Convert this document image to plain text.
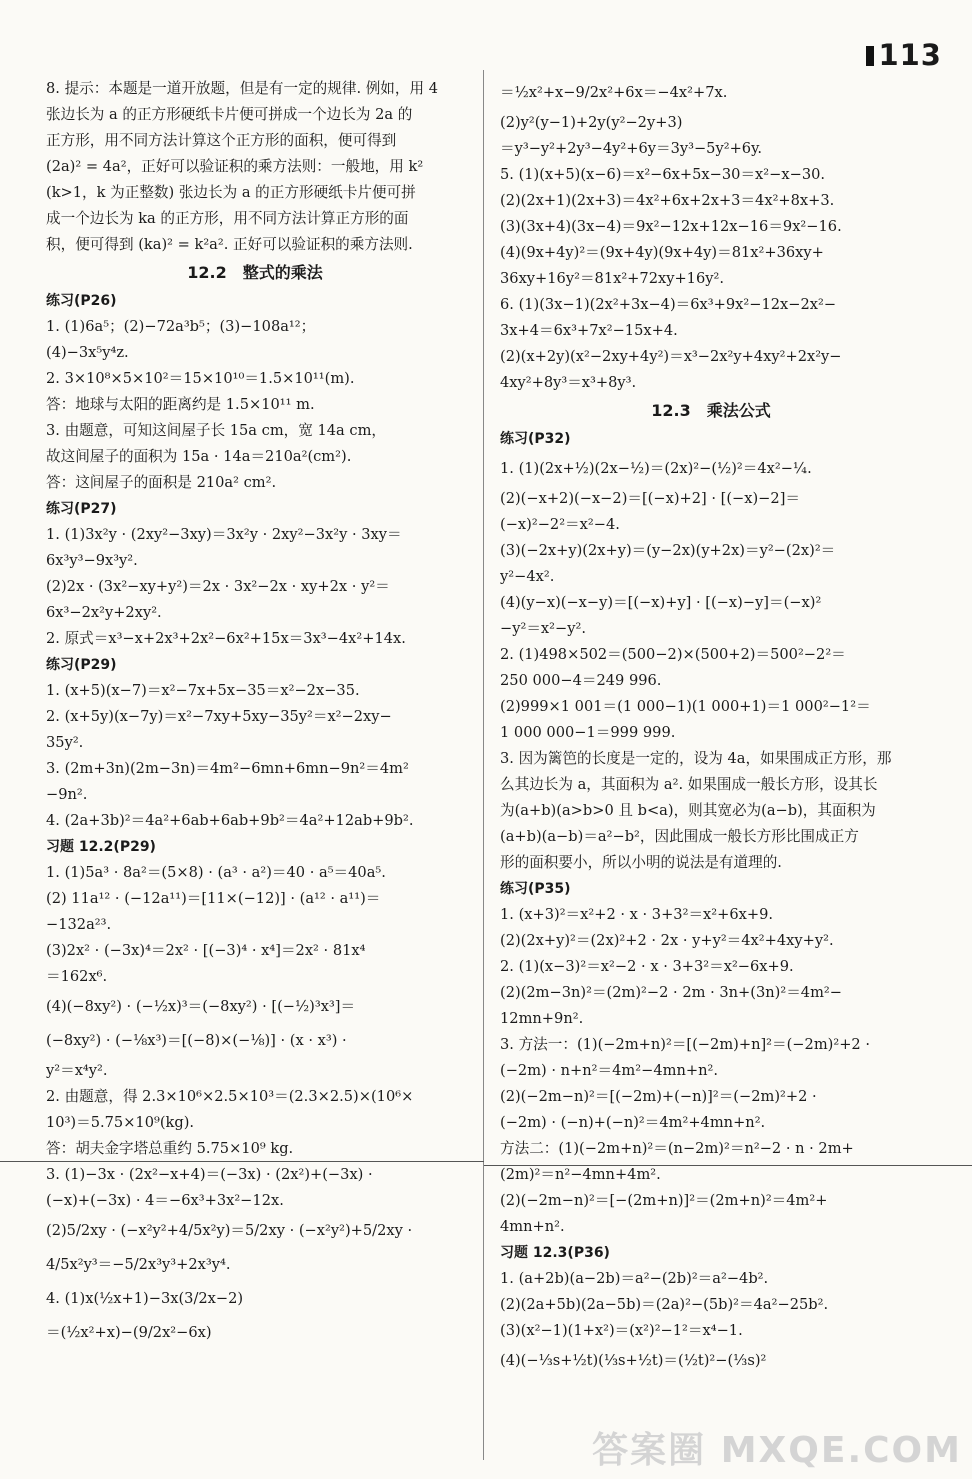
113
8. 提示：本题是一道开放题，但是有一定的规律. 例如，用 4
张边长为 a 的正方形硬纸卡片便可拼成一个边长为 2a 的
正方形，用不同方法计算这个正方形的面积，便可得到
(2a)² = 4a²，正好可以验证积的乘方法则：一般地，用 k²
(k>1，k 为正整数) 张边长为 a 的正方形硬纸卡片便可拼
成一个边长为 ka 的正方形，用不同方法计算正方形的面
积，便可得到 (ka)² = k²a². 正好可以验证积的乘方法则.
12.2　整式的乘法
练习(P26)
1. (1)6a⁵；(2)−72a³b⁵；(3)−108a¹²；
(4)−3x⁵y⁴z.
2. 3×10⁸×5×10²＝15×10¹⁰＝1.5×10¹¹(m).
答：地球与太阳的距离约是 1.5×10¹¹ m.
3. 由题意，可知这间屋子长 15a cm，宽 14a cm，
故这间屋子的面积为 15a · 14a＝210a²(cm²).
答：这间屋子的面积是 210a² cm².
练习(P27)
1. (1)3x²y · (2xy²−3xy)＝3x²y · 2xy²−3x²y · 3xy＝
6x³y³−9x³y².
(2)2x · (3x²−xy+y²)＝2x · 3x²−2x · xy+2x · y²＝
6x³−2x²y+2xy².
2. 原式＝x³−x+2x³+2x²−6x²+15x＝3x³−4x²+14x.
练习(P29)
1. (x+5)(x−7)＝x²−7x+5x−35＝x²−2x−35.
2. (x+5y)(x−7y)＝x²−7xy+5xy−35y²＝x²−2xy−
35y².
3. (2m+3n)(2m−3n)＝4m²−6mn+6mn−9n²＝4m²
−9n².
4. (2a+3b)²＝4a²+6ab+6ab+9b²＝4a²+12ab+9b².
习题 12.2(P29)
1. (1)5a³ · 8a²＝(5×8) · (a³ · a²)＝40 · a⁵＝40a⁵.
(2) 11a¹² · (−12a¹¹)＝[11×(−12)] · (a¹² · a¹¹)＝
−132a²³.
(3)2x² · (−3x)⁴＝2x² · [(−3)⁴ · x⁴]＝2x² · 81x⁴
＝162x⁶.
(4)(−8xy²) · (−½x)³＝(−8xy²) · [(−½)³x³]＝
(−8xy²) · (−⅛x³)＝[(−8)×(−⅛)] · (x · x³) ·
y²＝x⁴y².
2. 由题意，得 2.3×10⁶×2.5×10³＝(2.3×2.5)×(10⁶×
10³)＝5.75×10⁹(kg).
答：胡夫金字塔总重约 5.75×10⁹ kg.
3. (1)−3x · (2x²−x+4)＝(−3x) · (2x²)+(−3x) ·
(−x)+(−3x) · 4＝−6x³+3x²−12x.
(2)5/2xy · (−x²y²+4/5x²y)＝5/2xy · (−x²y²)+5/2xy ·
4/5x²y³＝−5/2x³y³+2x³y⁴.
4. (1)x(½x+1)−3x(3/2x−2)
＝(½x²+x)−(9/2x²−6x)
＝½x²+x−9/2x²+6x＝−4x²+7x.
(2)y²(y−1)+2y(y²−2y+3)
＝y³−y²+2y³−4y²+6y＝3y³−5y²+6y.
5. (1)(x+5)(x−6)＝x²−6x+5x−30＝x²−x−30.
(2)(2x+1)(2x+3)＝4x²+6x+2x+3＝4x²+8x+3.
(3)(3x+4)(3x−4)＝9x²−12x+12x−16＝9x²−16.
(4)(9x+4y)²＝(9x+4y)(9x+4y)＝81x²+36xy+
36xy+16y²＝81x²+72xy+16y².
6. (1)(3x−1)(2x²+3x−4)＝6x³+9x²−12x−2x²−
3x+4＝6x³+7x²−15x+4.
(2)(x+2y)(x²−2xy+4y²)＝x³−2x²y+4xy²+2x²y−
4xy²+8y³＝x³+8y³.
12.3　乘法公式
练习(P32)
1. (1)(2x+½)(2x−½)＝(2x)²−(½)²＝4x²−¼.
(2)(−x+2)(−x−2)＝[(−x)+2] · [(−x)−2]＝
(−x)²−2²＝x²−4.
(3)(−2x+y)(2x+y)＝(y−2x)(y+2x)＝y²−(2x)²＝
y²−4x².
(4)(y−x)(−x−y)＝[(−x)+y] · [(−x)−y]＝(−x)²
−y²＝x²−y².
2. (1)498×502＝(500−2)×(500+2)＝500²−2²＝
250 000−4＝249 996.
(2)999×1 001＝(1 000−1)(1 000+1)＝1 000²−1²＝
1 000 000−1＝999 999.
3. 因为篱笆的长度是一定的，设为 4a，如果围成正方形，那
么其边长为 a，其面积为 a². 如果围成一般长方形，设其长
为(a+b)(a>b>0 且 b<a)，则其宽必为(a−b)，其面积为
(a+b)(a−b)＝a²−b²，因此围成一般长方形比围成正方
形的面积要小，所以小明的说法是有道理的.
练习(P35)
1. (x+3)²＝x²+2 · x · 3+3²＝x²+6x+9.
(2)(2x+y)²＝(2x)²+2 · 2x · y+y²＝4x²+4xy+y².
2. (1)(x−3)²＝x²−2 · x · 3+3²＝x²−6x+9.
(2)(2m−3n)²＝(2m)²−2 · 2m · 3n+(3n)²＝4m²−
12mn+9n².
3. 方法一：(1)(−2m+n)²＝[(−2m)+n]²＝(−2m)²+2 ·
(−2m) · n+n²＝4m²−4mn+n².
(2)(−2m−n)²＝[(−2m)+(−n)]²＝(−2m)²+2 ·
(−2m) · (−n)+(−n)²＝4m²+4mn+n².
方法二：(1)(−2m+n)²＝(n−2m)²＝n²−2 · n · 2m+
(2m)²＝n²−4mn+4m².
(2)(−2m−n)²＝[−(2m+n)]²＝(2m+n)²＝4m²+
4mn+n².
习题 12.3(P36)
1. (a+2b)(a−2b)＝a²−(2b)²＝a²−4b².
(2)(2a+5b)(2a−5b)＝(2a)²−(5b)²＝4a²−25b².
(3)(x²−1)(1+x²)＝(x²)²−1²＝x⁴−1.
(4)(−⅓s+½t)(⅓s+½t)＝(½t)²−(⅓s)²
答案圈 MXQE.COM
